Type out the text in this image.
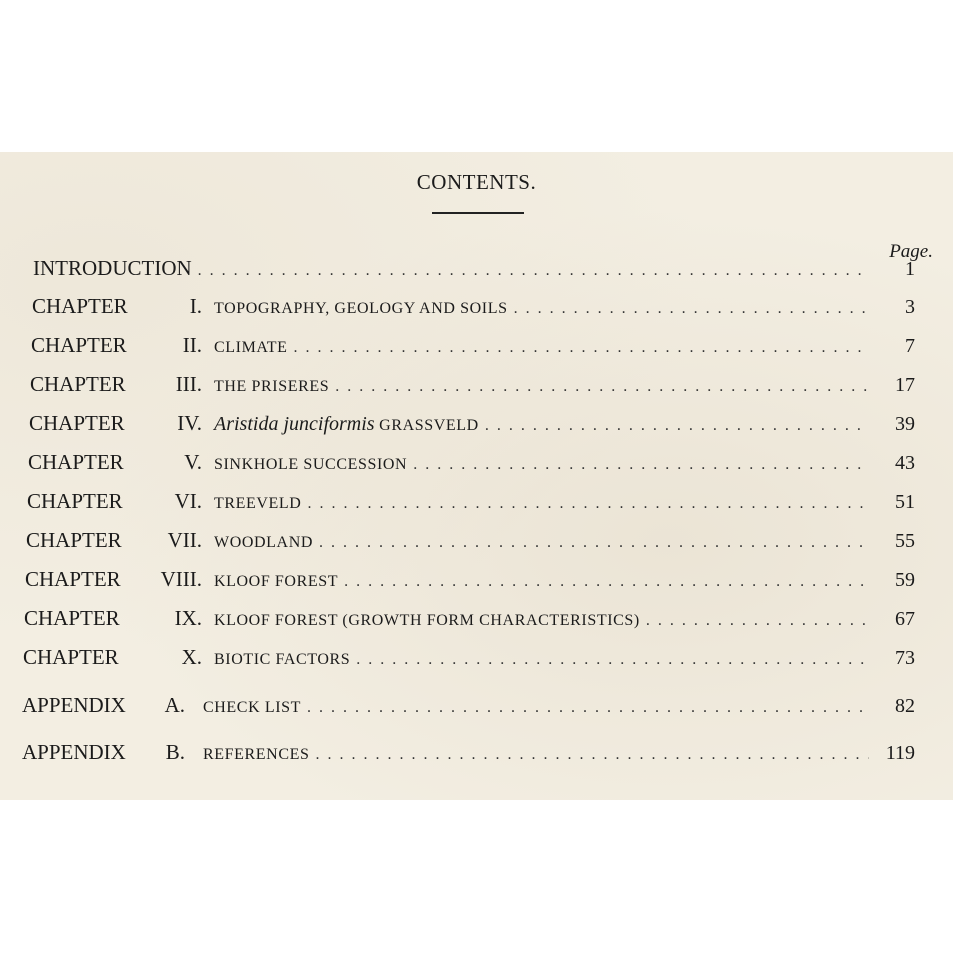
CONTENTS.
Page.
INTRODUCTION . . .	1
CHAPTER	I. TOPOGRAPHY, GEOLOGY AND SOILS . . .	3
CHAPTER	II. CLIMATE . . .	7
CHAPTER	III. THE PRISERES . . .	17
CHAPTER	IV. Aristida junciformis GRASSVELD . . .	39
CHAPTER	V. SINKHOLE SUCCESSION . . .	43
CHAPTER	VI. TREEVELD . . .	51
CHAPTER	VII. WOODLAND . . .	55
CHAPTER	VIII. KLOOF FOREST . . .	59
CHAPTER	IX. KLOOF FOREST (GROWTH FORM CHARACTERISTICS) . . .	67
CHAPTER	X. BIOTIC FACTORS . . .	73
APPENDIX	A. CHECK LIST . . .	82
APPENDIX	B. REFERENCES . . .	119
